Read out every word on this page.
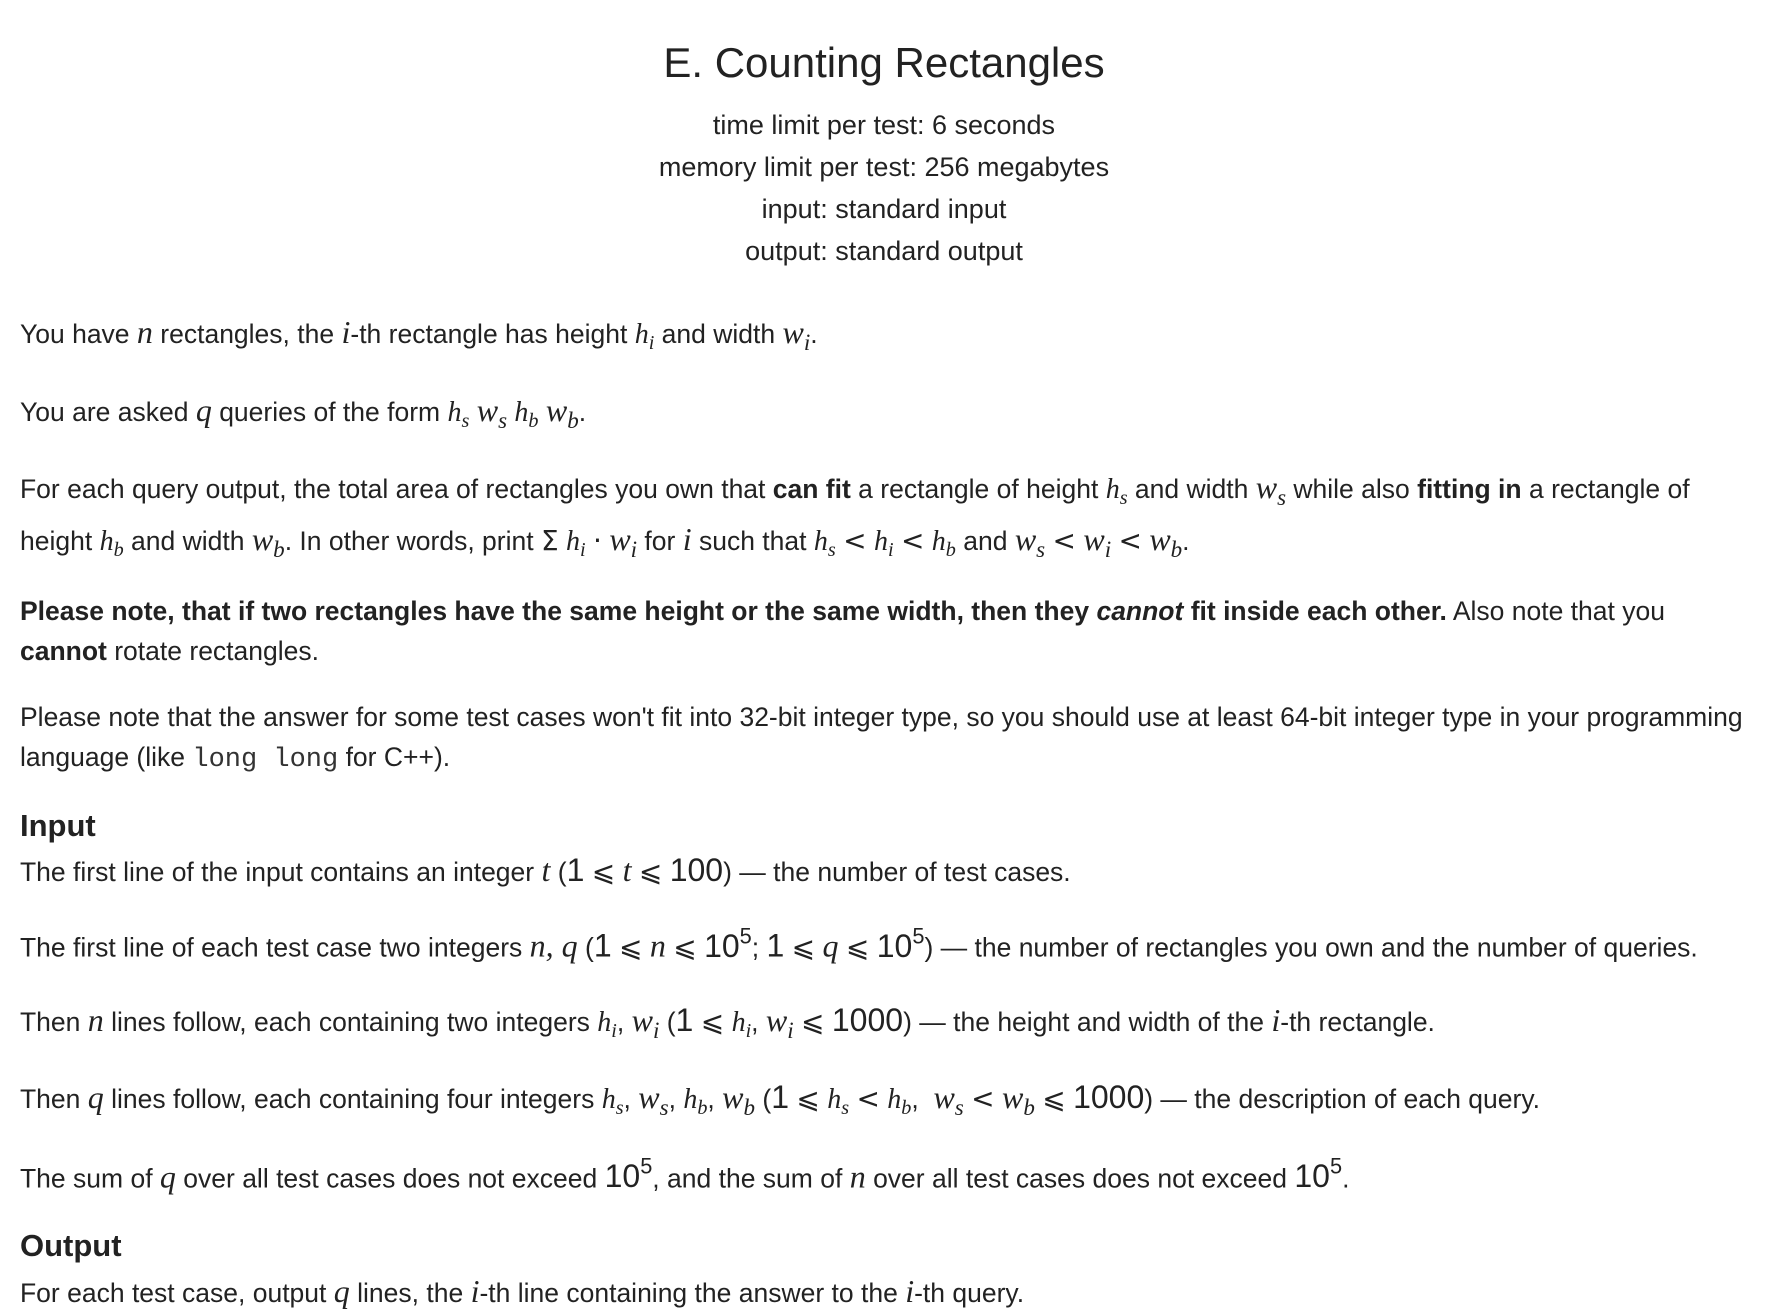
E. Counting Rectangles
time limit per test: 6 seconds
memory limit per test: 256 megabytes
input: standard input
output: standard output

You have n rectangles, the i-th rectangle has height $h_i$ and width $w_i$.

You are asked q queries of the form $h_s$ $w_s$ $h_b$ $w_b$.

For each query output, the total area of rectangles you own that can fit a rectangle of height $h_s$ and width $w_s$ while also fitting in a rectangle of height $h_b$ and width $w_b$. In other words, print Σ $h_i \cdot w_i$ for i such that $h_s < h_i < h_b$ and $w_s < w_i < w_b$.

Please note, that if two rectangles have the same height or the same width, then they cannot fit inside each other. Also note that you cannot rotate rectangles.

Please note that the answer for some test cases won't fit into 32-bit integer type, so you should use at least 64-bit integer type in your programming language (like long long for C++).

Input

The first line of the input contains an integer t (1 ⩽ t ⩽ 100) — the number of test cases.

The first line of each test case two integers n, q (1 ⩽ n ⩽ $10^5$; 1 ⩽ q ⩽ $10^5$) — the number of rectangles you own and the number of queries.

Then n lines follow, each containing two integers $h_i$, $w_i$ (1 ⩽ $h_i$, $w_i$ ⩽ 1000) — the height and width of the i-th rectangle.

Then q lines follow, each containing four integers $h_s$, $w_s$, $h_b$, $w_b$ (1 ⩽ $h_s < h_b$,  $w_s < w_b$ ⩽ 1000) — the description of each query.

The sum of q over all test cases does not exceed $10^5$, and the sum of n over all test cases does not exceed $10^5$.

Output

For each test case, output q lines, the i-th line containing the answer to the i-th query.
